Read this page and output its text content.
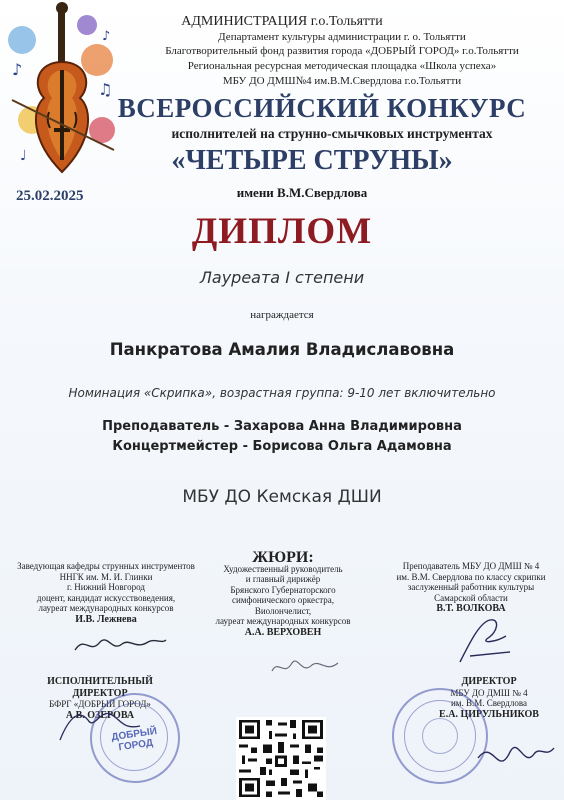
♪
♫
♩
♪
АДМИНИСТРАЦИЯ г.о.Тольятти
Департамент культуры администрации г. о. Тольятти
Благотворительный фонд развития города «ДОБРЫЙ ГОРОД» г.о.Тольятти
Региональная ресурсная методическая площадка «Школа успеха»
МБУ ДО ДМШ№4 им.В.М.Свердлова г.о.Тольятти
ВСЕРОССИЙСКИЙ КОНКУРС
исполнителей на струнно-смычковых инструментах
«ЧЕТЫРЕ СТРУНЫ»
имени В.М.Свердлова
25.02.2025
ДИПЛОМ
Лауреата I степени
награждается
Панкратова Амалия Владиславовна
Номинация «Скрипка», возрастная группа: 9-10 лет включительно
Преподаватель - Захарова Анна Владимировна
Концертмейстер - Борисова Ольга Адамовна
МБУ ДО Кемская ДШИ
Заведующая кафедры струнных инструментов
ННГК им. М. И. Глинки
г. Нижний Новгород
доцент, кандидат искусствоведения,
лауреат международных конкурсов
И.В. Лежнева
ЖЮРИ:
Художественный руководитель
и главный дирижёр
Брянского Губернаторского
симфонического оркестра,
Виолончелист,
лауреат международных конкурсов
А.А. ВЕРХОВЕН
Преподаватель МБУ ДО ДМШ № 4
им. В.М. Свердлова по классу скрипки
заслуженный работник культуры
Самарской области
В.Т. ВОЛКОВА
ИСПОЛНИТЕЛЬНЫЙ
ДИРЕКТОР
БФРГ «ДОБРЫЙ ГОРОД»
А.В. ОЗЕРОВА
ДОБРЫЙ ГОРОД
ДИРЕКТОР
МБУ ДО ДМШ № 4
им. В.М. Свердлова
Е.А. ЦИРУЛЬНИКОВ
